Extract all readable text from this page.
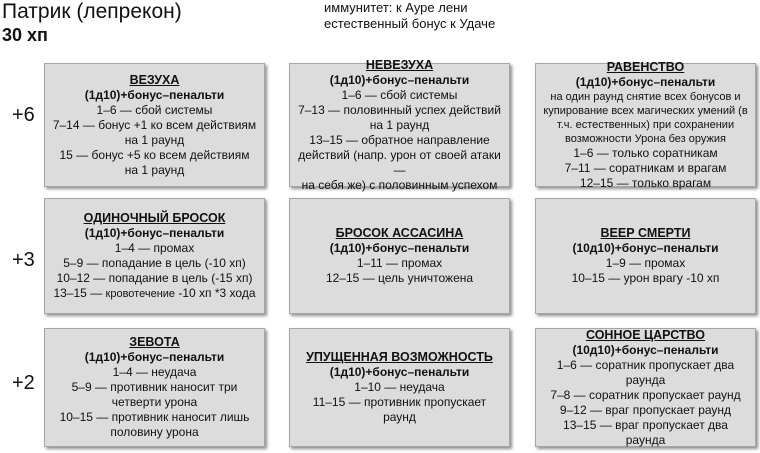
Патрик (лепрекон)
30 хп
иммунитет: к Ауре лени
естественный бонус к Удаче
+6
+3
+2
ВЕЗУХА
(1д10)+бонус–пенальти
1–6 — сбой системы
7–14 — бонус +1 ко всем действиям
на 1 раунд
15 — бонус +5 ко всем действиям
на 1 раунд
НЕВЕЗУХА
(1д10)+бонус–пенальти
1–6 — сбой системы
7–13 — половинный успех действий
на 1 раунд
13–15 — обратное направление
действий (напр. урон от своей атаки —
на себя же) с половинным успехом
РАВЕНСТВО
(1д10)+бонус–пенальти
на один раунд снятие всех бонусов и купирование всех магических умений (в т.ч. естественных) при сохранении возможности Урона без оружия
1–6 — только соратникам
7–11 — соратникам и врагам
12–15 — только врагам
ОДИНОЧНЫЙ БРОСОК
(1д10)+бонус–пенальти
1–4 — промах
5–9 — попадание в цель (-10 хп)
10–12 — попадание в цель (-15 хп)
13–15 — кровотечение -10 хп *3 хода
БРОСОК АССАСИНА
(1д10)+бонус–пенальти
1–11 — промах
12–15 — цель уничтожена
ВЕЕР СМЕРТИ
(10д10)+бонус–пенальти
1–9 — промах
10–15 — урон врагу -10 хп
ЗЕВОТА
(1д10)+бонус–пенальти
1–4 — неудача
5–9 — противник наносит три
четверти урона
10–15 — противник наносит лишь
половину урона
УПУЩЕННАЯ ВОЗМОЖНОСТЬ
(1д10)+бонус–пенальти
1–10 — неудача
11–15 — противник пропускает
раунд
СОННОЕ ЦАРСТВО
(10д10)+бонус–пенальти
1–6 — соратник пропускает два
раунда
7–8 — соратник пропускает раунд
9–12 — враг пропускает раунд
13–15 — враг пропускает два
раунда
